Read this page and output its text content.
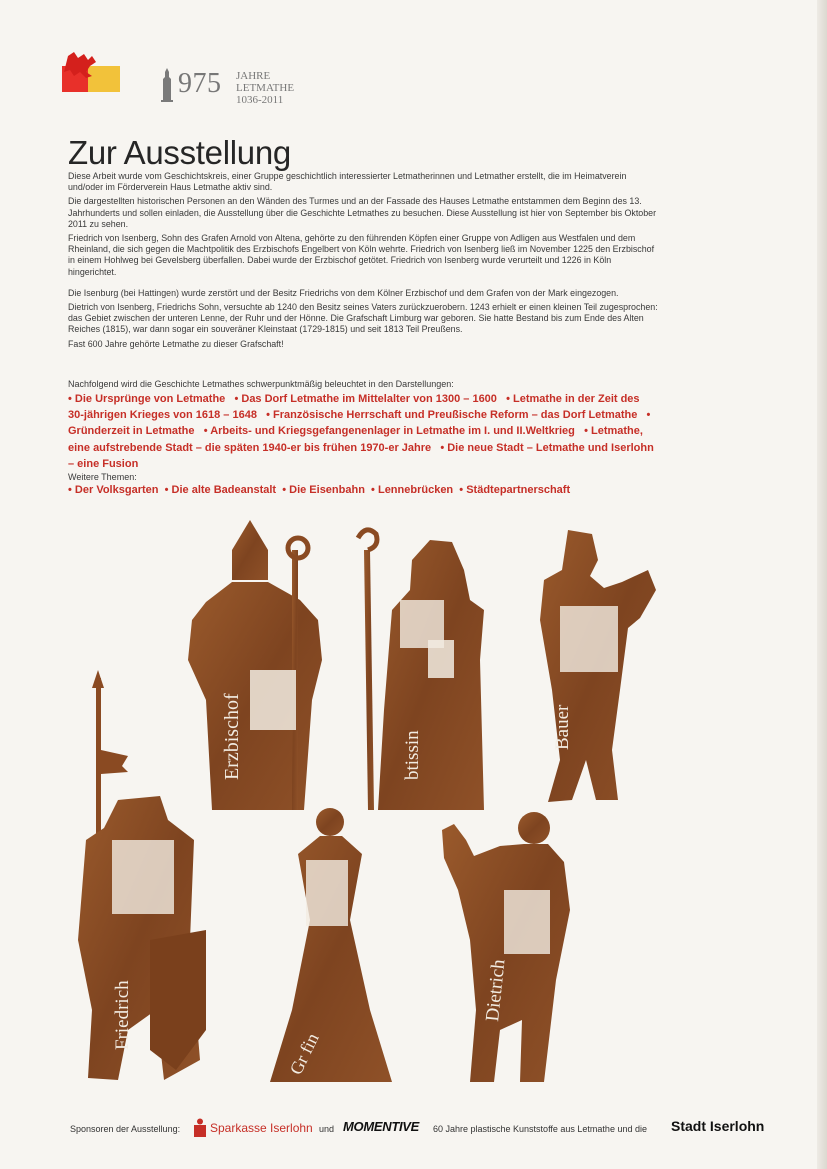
975 JAHRE
LETMATHE
1036-2011
Zur Ausstellung

Diese Arbeit wurde vom Geschichtskreis, einer Gruppe geschichtlich interessierter Letmatherinnen und Letmather erstellt, die im Heimatverein und/oder im Förderverein Haus Letmathe aktiv sind.

Die dargestellten historischen Personen an den Wänden des Turmes und an der Fassade des Hauses Letmathe entstammen dem Beginn des 13. Jahrhunderts und sollen einladen, die Ausstellung über die Geschichte Letmathes zu besuchen. Diese Ausstellung ist hier von September bis Oktober 2011 zu sehen.

Friedrich von Isenberg, Sohn des Grafen Arnold von Altena, gehörte zu den führenden Köpfen einer Gruppe von Adligen aus Westfalen und dem Rheinland, die sich gegen die Machtpolitik des Erzbischofs Engelbert von Köln wehrte. Friedrich von Isenberg ließ im November 1225 den Erzbischof in einem Hohlweg bei Gevelsberg überfallen. Dabei wurde der Erzbischof getötet. Friedrich von Isenberg wurde verurteilt und 1226 in Köln hingerichtet.

Die Isenburg (bei Hattingen) wurde zerstört und der Besitz Friedrichs von dem Kölner Erzbischof und dem Grafen von der Mark eingezogen.

Dietrich von Isenberg, Friedrichs Sohn, versuchte ab 1240 den Besitz seines Vaters zurückzuerobern. 1243 erhielt er einen kleinen Teil zugesprochen: das Gebiet zwischen der unteren Lenne, der Ruhr und der Hönne. Die Grafschaft Limburg war geboren. Sie hatte Bestand bis zum Ende des Alten Reiches (1815), war dann sogar ein souveräner Kleinstaat (1729-1815) und seit 1813 Teil Preußens.

Fast 600 Jahre gehörte Letmathe zu dieser Grafschaft!

Nachfolgend wird die Geschichte Letmathes schwerpunktmäßig beleuchtet in den Darstellungen:
• Die Ursprünge von Letmathe • Das Dorf Letmathe im Mittelalter von 1300 – 1600 • Letmathe in der Zeit des 30-jährigen Krieges von 1618 – 1648 • Französische Herrschaft und Preußische Reform – das Dorf Letmathe • Gründerzeit in Letmathe • Arbeits- und Kriegsgefangenenlager in Letmathe im I. und II.Weltkrieg • Letmathe, eine aufstrebende Stadt – die späten 1940-er bis frühen 1970-er Jahre • Die neue Stadt – Letmathe und Iserlohn – eine Fusion
Weitere Themen:
• Der Volksgarten • Die alte Badeanstalt • Die Eisenbahn • Lennebrücken • Städtepartnerschaft
Erzbischof	btissin
Bauer
Friedrich
Gr fin
Dietrich
Sponsoren der Ausstellung: Sparkasse Iserlohn und MOMENTIVE 60 Jahre plastische Kunststoffe aus Letmathe und die Stadt Iserlohn
